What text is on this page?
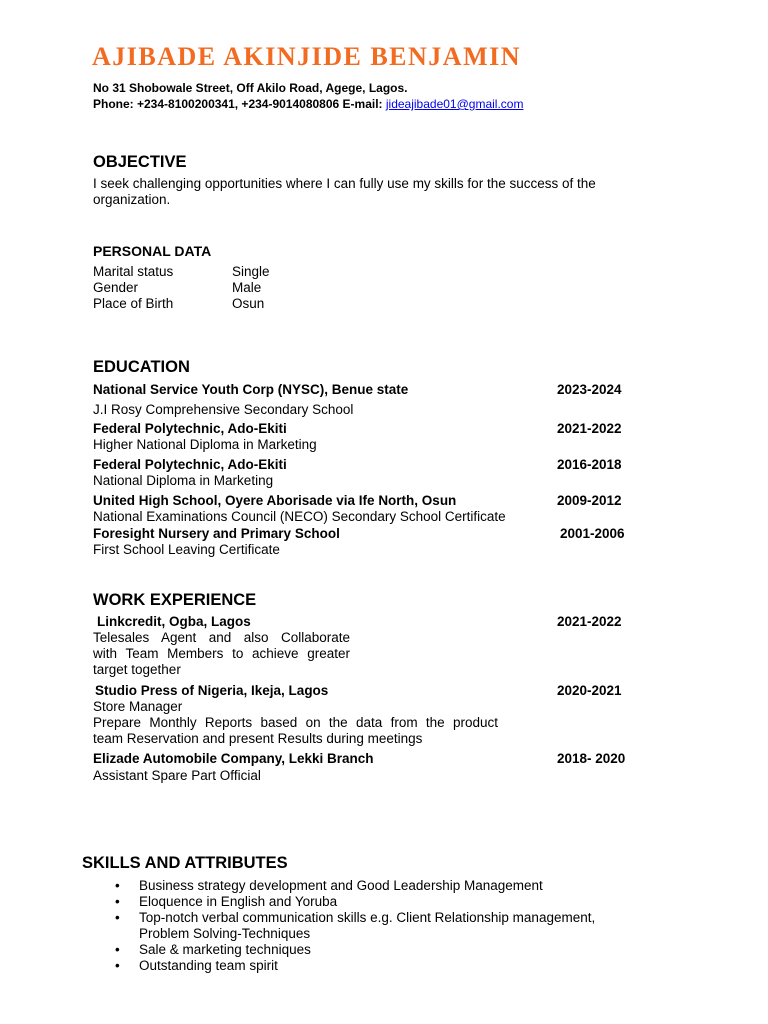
AJIBADE AKINJIDE BENJAMIN
No 31 Shobowale Street, Off Akilo Road, Agege, Lagos.
Phone: +234-8100200341, +234-9014080806 E-mail: jideajibade01@gmail.com
OBJECTIVE
I seek challenging opportunities where I can fully use my skills for the success of the
organization.
PERSONAL DATA
Marital status	Single
Gender	Male
Place of Birth	Osun
EDUCATION
National Service Youth Corp (NYSC), Benue state	2023-2024
J.I Rosy Comprehensive Secondary School
Federal Polytechnic, Ado-Ekiti	2021-2022
Higher National Diploma in Marketing
Federal Polytechnic, Ado-Ekiti	2016-2018
National Diploma in Marketing
United High School, Oyere Aborisade via Ife North, Osun	2009-2012
National Examinations Council (NECO) Secondary School Certificate
Foresight Nursery and Primary School	2001-2006
First School Leaving Certificate
WORK EXPERIENCE
Linkcredit, Ogba, Lagos	2021-2022
Telesales Agent and also Collaborate
with Team Members to achieve greater
target together
Studio Press of Nigeria, Ikeja, Lagos	2020-2021
Store Manager
Prepare Monthly Reports based on the data from the product
team Reservation and present Results during meetings
Elizade Automobile Company, Lekki Branch	2018- 2020
Assistant Spare Part Official
SKILLS AND ATTRIBUTES
• Business strategy development and Good Leadership Management
• Eloquence in English and Yoruba
• Top-notch verbal communication skills e.g. Client Relationship management,
Problem Solving-Techniques
• Sale & marketing techniques
• Outstanding team spirit
